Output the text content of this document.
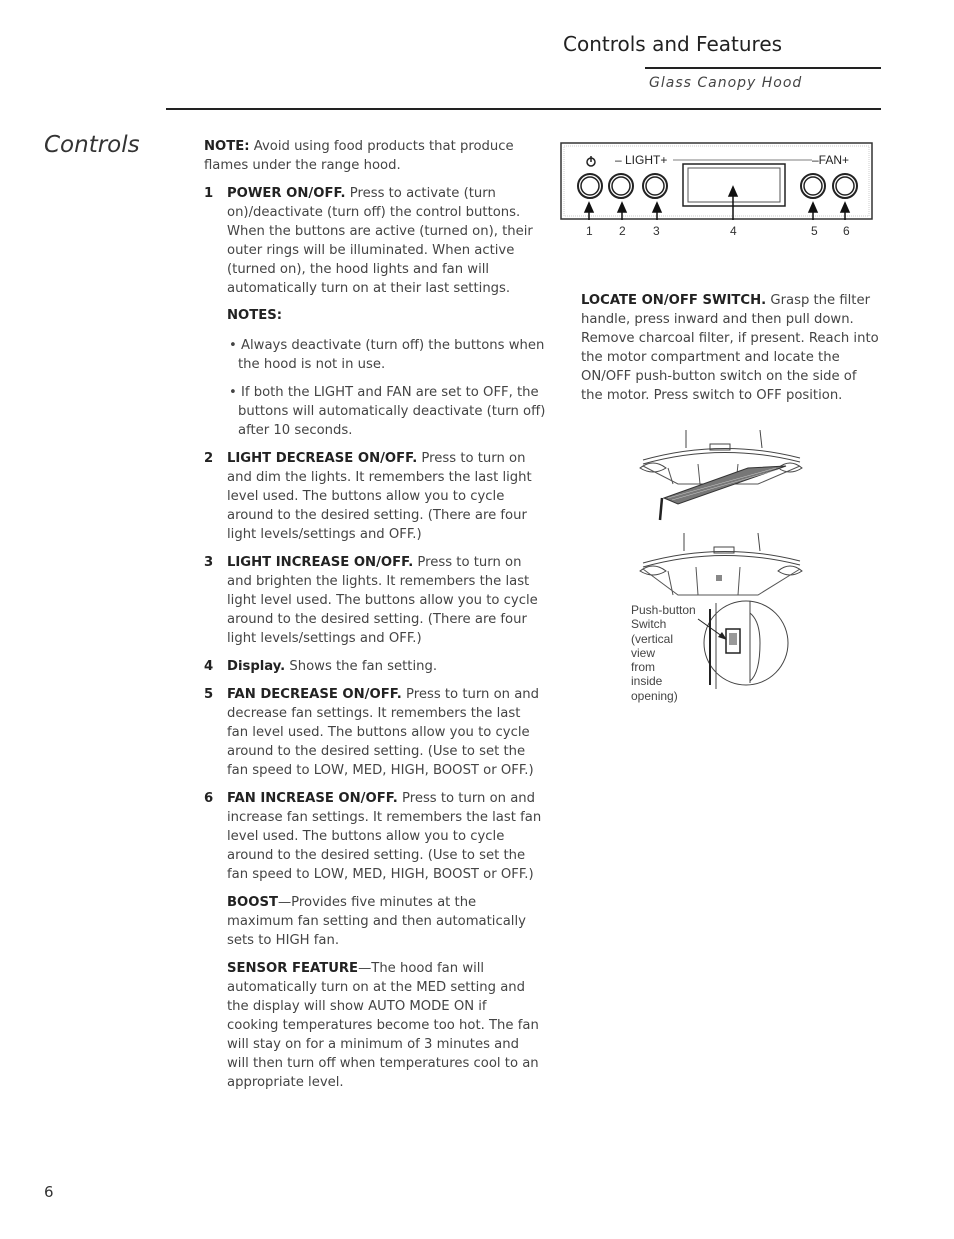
Controls and Features
Glass Canopy Hood
Controls	NOTE: Avoid using food products that produce flames under the range hood.
1	POWER ON/OFF. Press to activate (turn on)/deactivate (turn off) the control buttons. When the buttons are active (turned on), their outer rings will be illuminated. When active (turned on), the hood lights and fan will automatically turn on at their last settings.
NOTES:
• Always deactivate (turn off) the buttons when the hood is not in use.
• If both the LIGHT and FAN are set to OFF, the buttons will automatically deactivate (turn off) after 10 seconds.
2	LIGHT DECREASE ON/OFF. Press to turn on and dim the lights. It remembers the last light level used. The buttons allow you to cycle around to the desired setting. (There are four light levels/settings and OFF.)
3	LIGHT INCREASE ON/OFF. Press to turn on and brighten the lights. It remembers the last light level used. The buttons allow you to cycle around to the desired setting. (There are four light levels/settings and OFF.)
4	Display. Shows the fan setting.
5	FAN DECREASE ON/OFF. Press to turn on and decrease fan settings. It remembers the last fan level used. The buttons allow you to cycle around to the desired setting. (Use to set the fan speed to LOW, MED, HIGH, BOOST or OFF.)
6	FAN INCREASE ON/OFF. Press to turn on and increase fan settings. It remembers the last fan level used. The buttons allow you to cycle around to the desired setting. (Use to set the fan speed to LOW, MED, HIGH, BOOST or OFF.)
BOOST—Provides five minutes at the maximum fan setting and then automatically sets to HIGH fan.
SENSOR FEATURE—The hood fan will automatically turn on at the MED setting and the display will show AUTO MODE ON if cooking temperatures become too hot. The fan will stay on for a minimum of 3 minutes and will then turn off when temperatures cool to an appropriate level.
– LIGHT+	–FAN+
1 2 3	4	5 6
LOCATE ON/OFF SWITCH. Grasp the filter handle, press inward and then pull down. Remove charcoal filter, if present. Reach into the motor compartment and locate the ON/OFF push-button switch on the side of the motor. Press switch to OFF position.
Push-button
Switch
(vertical
view
from
inside
opening)
6
